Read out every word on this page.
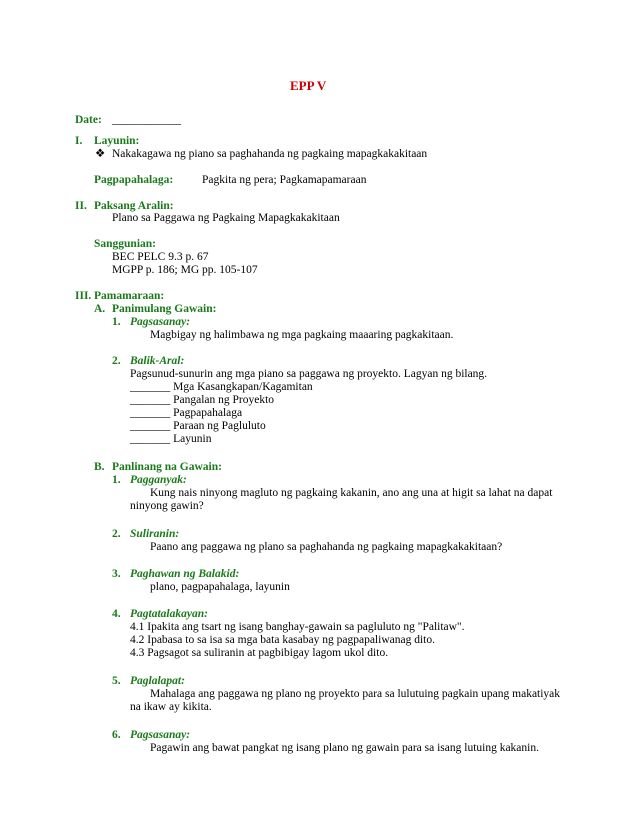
EPP V
Date: ____________
I. Layunin:
❖ Nakakagawa ng piano sa paghahanda ng pagkaing mapagkakakitaan
Pagpapahalaga:	Pagkita ng pera; Pagkamapamaraan
II. Paksang Aralin:
Plano sa Paggawa ng Pagkaing Mapagkakakitaan
Sanggunian:
BEC PELC 9.3 p. 67
MGPP p. 186; MG pp. 105-107
III. Pamamaraan:
A. Panimulang Gawain:
1. Pagsasanay:
Magbigay ng halimbawa ng mga pagkaing maaaring pagkakitaan.
2. Balik-Aral:
Pagsunud-sunurin ang mga piano sa paggawa ng proyekto. Lagyan ng bilang.
_______ Mga Kasangkapan/Kagamitan
_______ Pangalan ng Proyekto
_______ Pagpapahalaga
_______ Paraan ng Pagluluto
_______ Layunin
B. Panlinang na Gawain:
1. Pagganyak:
Kung nais ninyong magluto ng pagkaing kakanin, ano ang una at higit sa lahat na dapat
ninyong gawin?
2. Suliranin:
Paano ang paggawa ng plano sa paghahanda ng pagkaing mapagkakakitaan?
3. Paghawan ng Balakid:
plano, pagpapahalaga, layunin
4. Pagtatalakayan:
4.1 Ipakita ang tsart ng isang banghay-gawain sa pagluluto ng "Palitaw".
4.2 Ipabasa to sa isa sa mga bata kasabay ng pagpapaliwanag dito.
4.3 Pagsagot sa suliranin at pagbibigay lagom ukol dito.
5. Paglalapat:
Mahalaga ang paggawa ng plano ng proyekto para sa lulutuing pagkain upang makatiyak
na ikaw ay kikita.
6. Pagsasanay:
Pagawin ang bawat pangkat ng isang plano ng gawain para sa isang lutuing kakanin.
